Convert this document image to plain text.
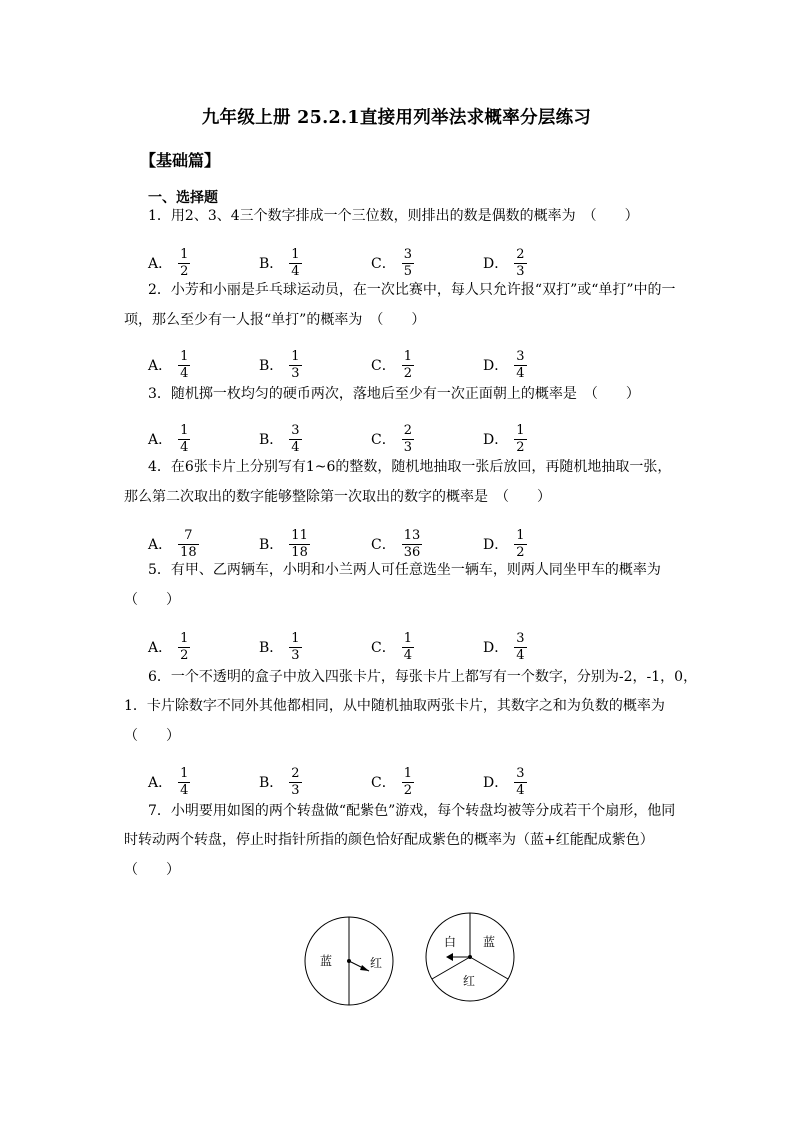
九年级上册 25.2.1直接用列举法求概率分层练习
【基础篇】
一、选择题
1．用2、3、4三个数字排成一个三位数，则排出的数是偶数的概率为　（　　）
A． $\frac{1}{2}$	B． $\frac{1}{4}$	C． $\frac{3}{5}$	D． $\frac{2}{3}$
2．小芳和小丽是乒乓球运动员，在一次比赛中，每人只允许报“双打”或“单打”中的一
项，那么至少有一人报“单打”的概率为　（　　）
A． $\frac{1}{4}$	B． $\frac{1}{3}$	C． $\frac{1}{2}$	D． $\frac{3}{4}$
3．随机掷一枚均匀的硬币两次，落地后至少有一次正面朝上的概率是　（　　）
A． $\frac{1}{4}$	B． $\frac{3}{4}$	C． $\frac{2}{3}$	D． $\frac{1}{2}$
4．在6张卡片上分别写有1~6的整数，随机地抽取一张后放回，再随机地抽取一张，
那么第二次取出的数字能够整除第一次取出的数字的概率是　（　　）
A． $\frac{7}{18}$	B． $\frac{11}{18}$	C． $\frac{13}{36}$	D． $\frac{1}{2}$
5．有甲、乙两辆车，小明和小兰两人可任意选坐一辆车，则两人同坐甲车的概率为
（　　）
A． $\frac{1}{2}$	B． $\frac{1}{3}$	C． $\frac{1}{4}$	D． $\frac{3}{4}$
6．一个不透明的盒子中放入四张卡片，每张卡片上都写有一个数字，分别为-2，-1，0，
1．卡片除数字不同外其他都相同，从中随机抽取两张卡片，其数字之和为负数的概率为
（　　）
A． $\frac{1}{4}$	B． $\frac{2}{3}$	C． $\frac{1}{2}$	D． $\frac{3}{4}$
7．小明要用如图的两个转盘做“配紫色”游戏，每个转盘均被等分成若干个扇形，他同
时转动两个转盘，停止时指针所指的颜色恰好配成紫色的概率为（蓝+红能配成紫色）
（　　）
蓝	红
白 蓝
红
